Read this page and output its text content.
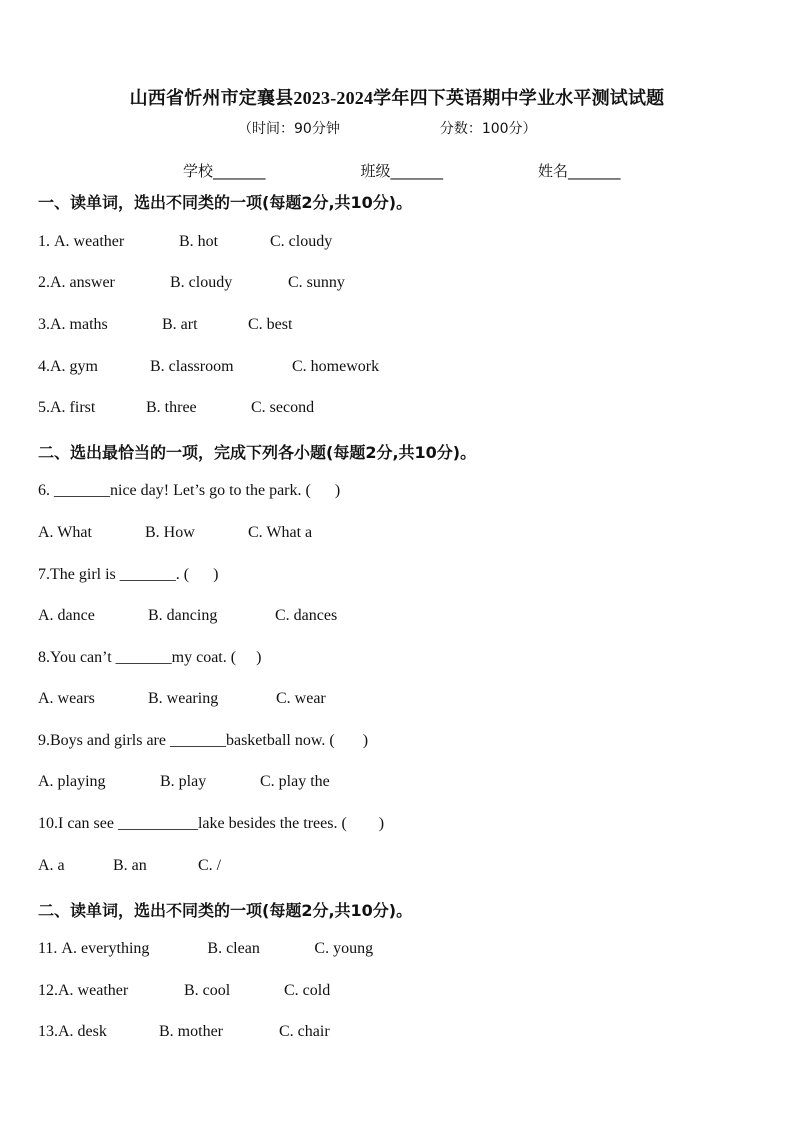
山西省忻州市定襄县2023-2024学年四下英语期中学业水平测试试题
（时间：90分钟	分数：100分）
学校_______	班级_______	姓名_______
一、读单词，选出不同类的一项(每题2分,共10分)。
1. A. weather	B. hot	C. cloudy
2.A. answer	B. cloudy	C. sunny
3.A. maths	B. art	C. best
4.A. gym	B. classroom	C. homework
5.A. first	B. three	C. second
二、选出最恰当的一项，完成下列各小题(每题2分,共10分)。
6. _______nice day! Let’s go to the park. (      )
A. What	B. How	C. What a
7.The girl is _______. (      )
A. dance	B. dancing	C. dances
8.You can’t _______my coat. (     )
A. wears	B. wearing	C. wear
9.Boys and girls are _______basketball now. (       )
A. playing	B. play	C. play the
10.I can see __________lake besides the trees. (        )
A. a	B. an	C. /
二、读单词，选出不同类的一项(每题2分,共10分)。
11. A. everything	B. clean	C. young
12.A. weather	B. cool	C. cold
13.A. desk	B. mother	C. chair
